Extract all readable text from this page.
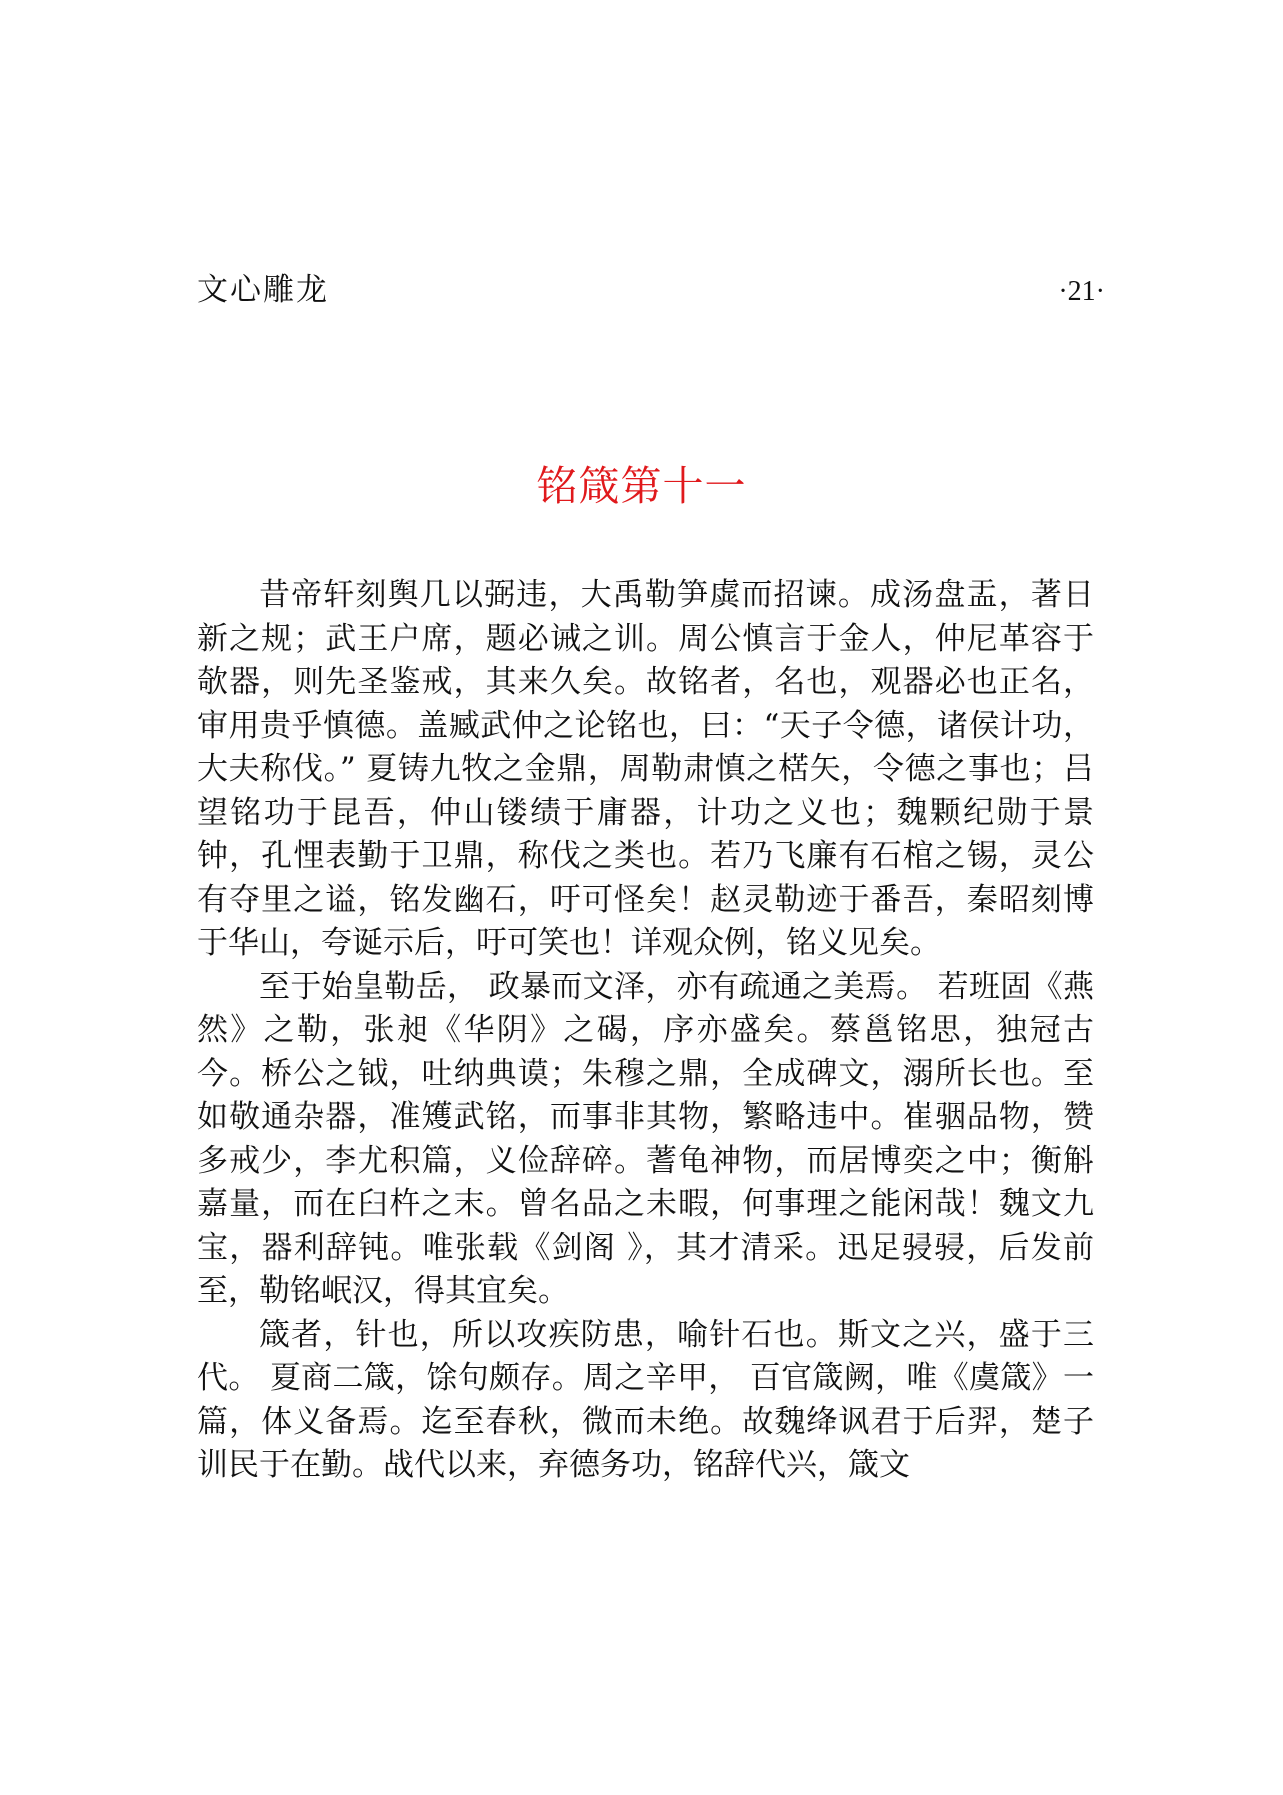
文心雕龙	·21·
铭箴第十一

昔帝轩刻舆几以弼违，大禹勒笋虡而招谏。成汤盘盂，著日新之规；武王户席，题必诫之训。周公慎言于金人，仲尼革容于欹器，则先圣鉴戒，其来久矣。故铭者，名也，观器必也正名，审用贵乎慎德。盖臧武仲之论铭也，曰：“天子令德，诸侯计功，大夫称伐。” 夏铸九牧之金鼎，周勒肃慎之楛矢，令德之事也；吕望铭功于昆吾，仲山镂绩于庸器，计功之义也；魏颗纪勋于景钟，孔悝表勤于卫鼎，称伐之类也。若乃飞廉有石棺之锡，灵公有夺里之谥，铭发幽石，吁可怪矣！赵灵勒迹于番吾，秦昭刻博于华山，夸诞示后，吁可笑也！详观众例，铭义见矣。

至于始皇勒岳， 政暴而文泽，亦有疏通之美焉。 若班固《燕然》之勒，张昶《华阴》之碣，序亦盛矣。蔡邕铭思，独冠古今。桥公之钺，吐纳典谟；朱穆之鼎，全成碑文，溺所长也。至如敬通杂器，准矱武铭，而事非其物，繁略违中。崔骃品物，赞多戒少，李尤积篇，义俭辞碎。蓍龟神物，而居博奕之中；衡斛嘉量，而在臼杵之末。曾名品之未暇，何事理之能闲哉！魏文九宝，器利辞钝。唯张载《剑阁 》，其才清采。迅足骎骎，后发前至，勒铭岷汉，得其宜矣。

箴者，针也，所以攻疾防患，喻针石也。斯文之兴，盛于三代。 夏商二箴，馀句颇存。周之辛甲， 百官箴阙，唯《虞箴》一篇，体义备焉。迄至春秋，微而未绝。故魏绛讽君于后羿，楚子训民于在勤。战代以来，弃德务功，铭辞代兴，箴文
